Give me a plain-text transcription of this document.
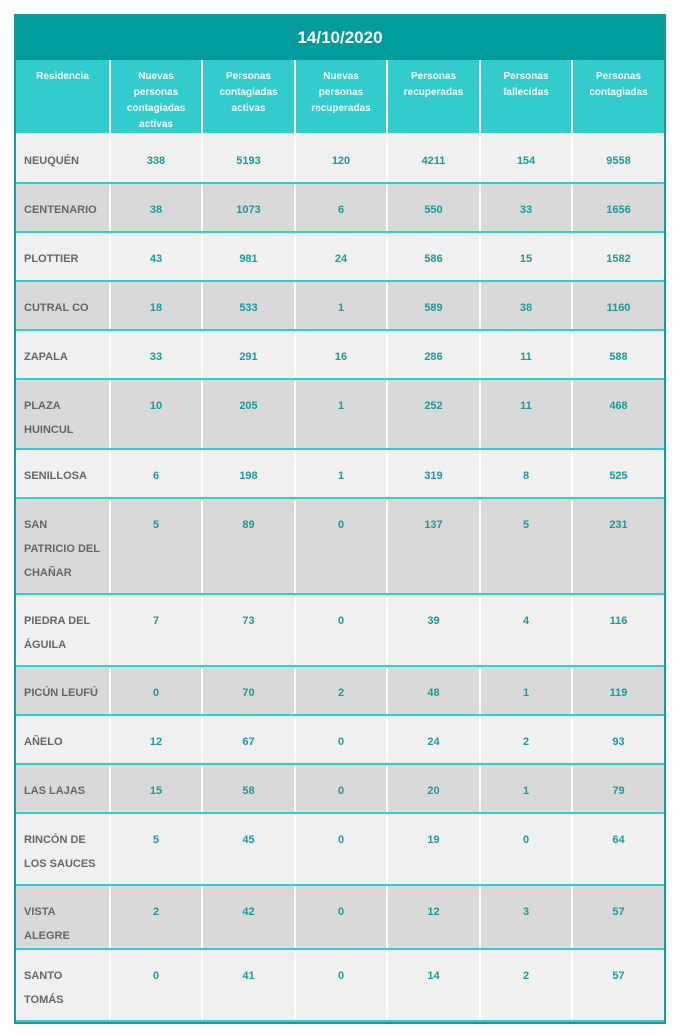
14/10/2020
Residencia	Nuevas personas contagiadas activas	Personas contagiadas activas	Nuevas personas recuperadas	Personas recuperadas	Personas fallecidas	Personas contagiadas
NEUQUÉN	338	5193	120	4211	154	9558
CENTENARIO	38	1073	6	550	33	1656
PLOTTIER	43	981	24	586	15	1582
CUTRAL CO	18	533	1	589	38	1160
ZAPALA	33	291	16	286	11	588
PLAZA HUINCUL	10	205	1	252	11	468
SENILLOSA	6	198	1	319	8	525
SAN PATRICIO DEL CHAÑAR	5	89	0	137	5	231
PIEDRA DEL ÁGUILA	7	73	0	39	4	116
PICÚN LEUFÚ	0	70	2	48	1	119
AÑELO	12	67	0	24	2	93
LAS LAJAS	15	58	0	20	1	79
RINCÓN DE LOS SAUCES	5	45	0	19	0	64
VISTA ALEGRE	2	42	0	12	3	57
SANTO TOMÁS	0	41	0	14	2	57
